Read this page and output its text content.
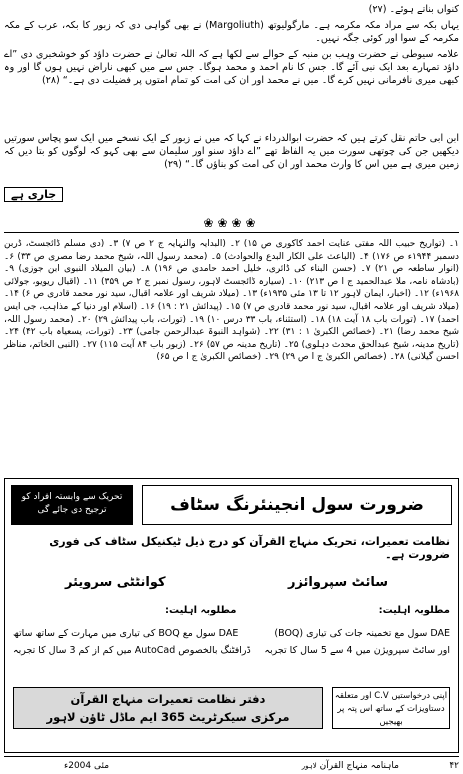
کنواں بناتے ہوئے۔ (۲۷)
یہاں بکہ سے مراد مکہ مکرمہ ہے۔ مارگولیوتھ (Margoliuth) نے بھی گواہی دی کہ زبور کا بکہ، عرب کے مکہ مکرمہ کے سوا اور کوئی جگہ نہیں۔
علامہ سیوطی نے حضرت وہب بن منبہ کے حوالے سے لکھا ہے کہ اللہ تعالیٰ نے حضرت داؤد کو خوشخبری دی ”اے داؤد تمہارے بعد ایک نبی آئے گا۔ جس کا نام احمد و محمد ہوگا۔ جس سے میں کبھی ناراض نہیں ہوں گا اور وہ کبھی میری نافرمانی نہیں کرے گا۔ میں نے محمد اور ان کی امت کو تمام امتوں پر فضیلت دی ہے۔“ (۲۸)
ابن ابی حاتم نقل کرتے ہیں کہ حضرت ابوالدرداء نے کہا کہ میں نے زبور کے ایک نسخے میں ایک سو پچاس سورتیں دیکھیں جن کی چوتھی سورت میں یہ الفاظ تھے ”اے داؤد سنو اور سلیمان سے بھی کہو کہ لوگوں کو بتا دیں کہ زمین میری ہے میں اس کا وارث محمد اور ان کی امت کو بناؤں گا۔“ (۲۹)
جاری ہے
❀❀❀❀
۱۔ (تواریخ حبیب اللہ مفتی عنایت احمد کاکوری ص ۱۵) ۲۔ (البدایہ والنہایہ ج ۲ ص ۷) ۳۔ (دی مسلم ڈائجسٹ، ڈربن دسمبر ۱۹۴۴ء ص ۱۷۶) ۴۔ (الباعث علی الکار البدع والحوادث) ۵۔ (محمد رسول اللہ، شیخ محمد رضا مصری ص ۳۳) ۶۔ (انوار ساطعہ ص ۲۱) ۷۔ (حسن البناء کی ڈائری، خلیل احمد حامدی ص ۱۹۶) ۸۔ (بیان المیلاد النبوی ابن جوزی) ۹۔ (بادشاہ نامہ، ملا عبدالحمید ج ا ص ۲۱۳) ۱۰۔ (سیارہ ڈائجسٹ لاہور، رسول نمبر ج ۲ ص ۳۵۹) ۱۱۔ (اقبال ریویو، جولائی ۱۹۶۸ء) ۱۲۔ (اخبار، ایمان لاہور ۱۲ تا ۱۳ مئی ۱۹۳۵ء) ۱۳۔ (میلاد شریف اور علامہ اقبال، سید نور محمد قادری ص ۶) ۱۴۔ (میلاد شریف اور علامہ اقبال، سید نور محمد قادری ص ۷) ۱۵۔ (پیدائش ۲۱ : ۱۹) ۱۶۔ (اسلام اور دنیا کے مذاہب، جی ایس احمد) ۱۷۔ (تورات باب ۱۸ آیت ۱۸) ۱۸۔ (استثناء، باب ۳۳ درس ۱۰) ۱۹۔ (تورات، باب پیدائش ۲۹) ۲۰۔ (محمد رسول اللہ، شیخ محمد رضا) ۲۱۔ (خصائص الکبریٰ ۱ : ۳۱) ۲۲۔ (شواہد النبوۃ عبدالرحمن جامی) ۲۳۔ (تورات، یسعیاہ باب ۴۲) ۲۴۔ (تاریخ مدینہ، شیخ عبدالحق محدث دہلوی) ۲۵۔ (تاریخ مدینہ ص ۵۷) ۲۶۔ (زبور باب ۸۴ آیت ۱۱۵) ۲۷۔ (النبی الخاتم، مناظر احسن گیلانی) ۲۸۔ (خصائص الکبریٰ ج ا ص ۲۹) ۲۹۔ (خصائص الکبریٰ ج ا ص ۶۵)
ضرورت سول انجینئرنگ سٹاف
تحریک سے وابستہ افراد کو ترجیح دی جائے گی
نظامت تعمیرات، تحریک منہاج القرآن کو درج ذیل ٹیکنیکل سٹاف کی فوری ضرورت ہے۔
سائٹ سپروائزر
کوانٹٹی سرویئر
مطلوبہ اہلیت:
مطلوبہ اہلیت:
DAE سول مع تخمینہ جات کی تیاری (BOQ)
اور سائٹ سپرویژن میں 4 سے 5 سال کا تجربہ
DAE سول مع BOQ کی تیاری میں مہارت کے ساتھ ساتھ
ڈرافٹنگ بالخصوص AutoCad میں کم از کم 3 سال کا تجربہ
اپنی درخواستیں C.V اور متعلقہ دستاویزات کے ساتھ اس پتہ پر بھیجیں
دفتر نظامت تعمیرات منہاج القرآن
مرکزی سیکرٹریٹ 365 ایم ماڈل ٹاؤن لاہور
۴۲
ماہنامہ منہاج القرآن لاہور
مئی 2004ء
